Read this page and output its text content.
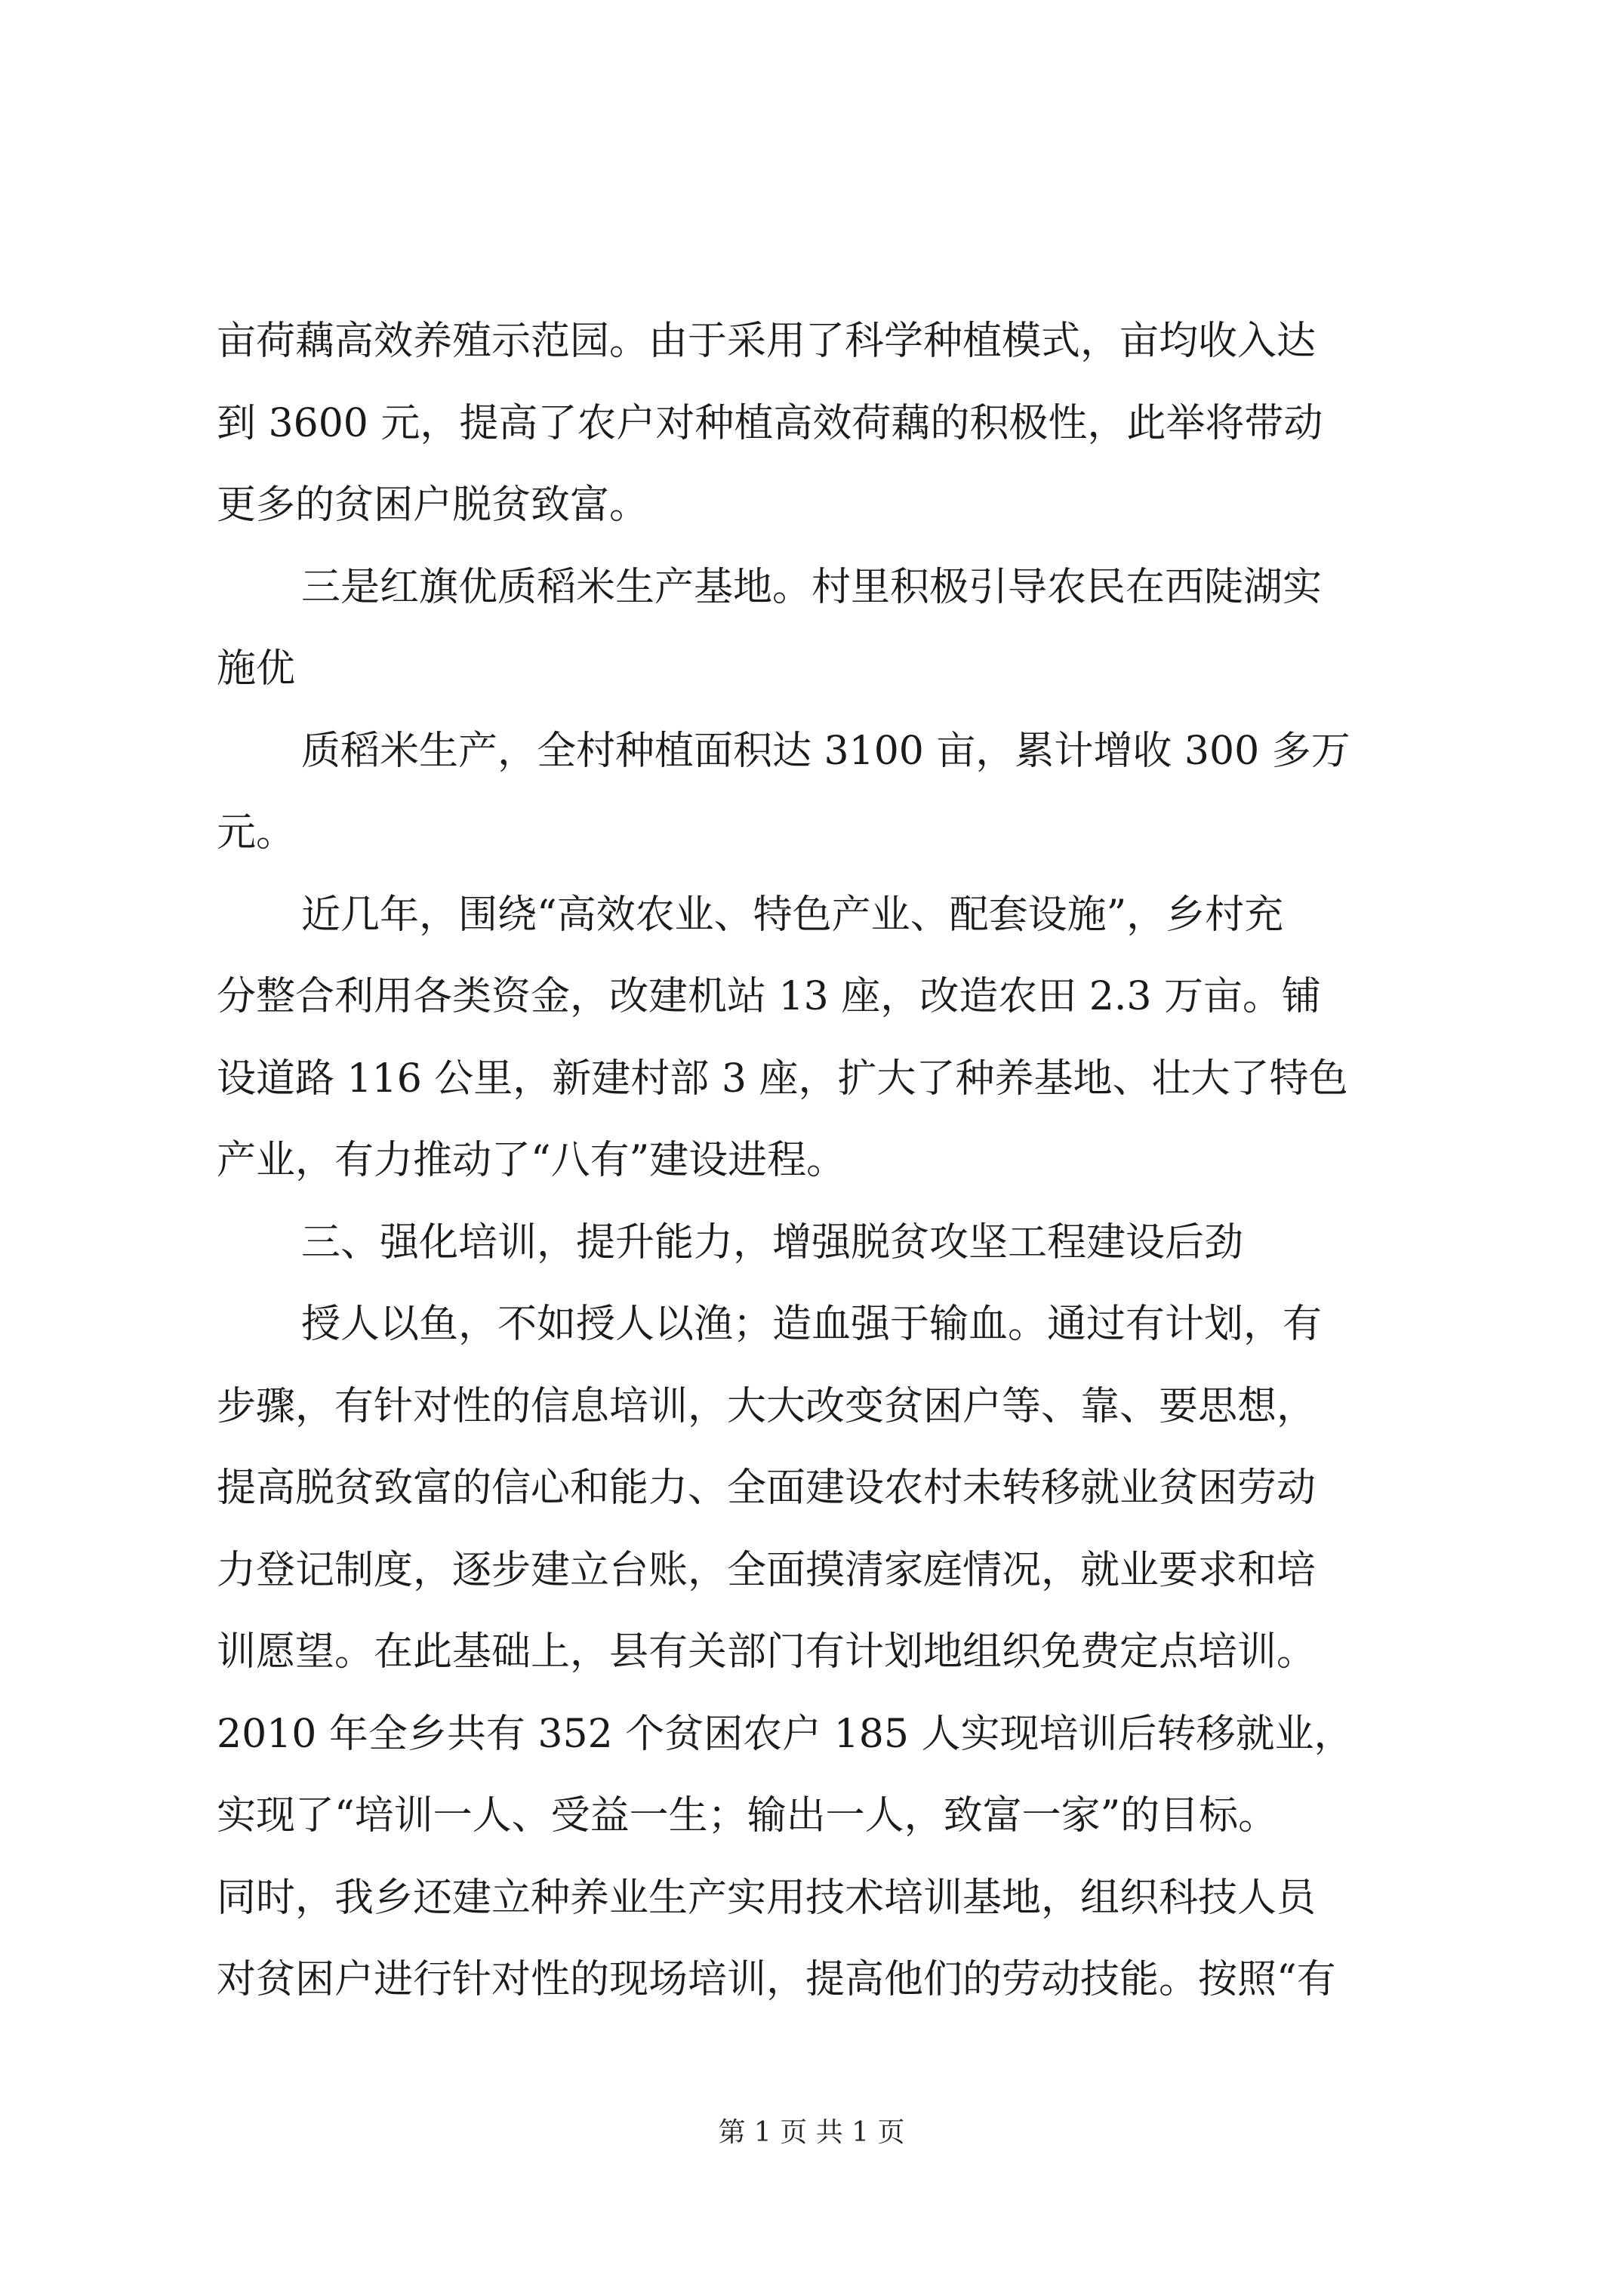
亩荷藕高效养殖示范园。由于采用了科学种植模式，亩均收入达
到 3600 元，提高了农户对种植高效荷藕的积极性，此举将带动
更多的贫困户脱贫致富。
三是红旗优质稻米生产基地。村里积极引导农民在西陡湖实
施优
质稻米生产，全村种植面积达 3100 亩，累计增收 300 多万
元。
近几年，围绕“高效农业、特色产业、配套设施”，乡村充
分整合利用各类资金，改建机站 13 座，改造农田 2.3 万亩。铺
设道路 116 公里，新建村部 3 座，扩大了种养基地、壮大了特色
产业，有力推动了“八有”建设进程。
三、强化培训，提升能力，增强脱贫攻坚工程建设后劲
授人以鱼，不如授人以渔；造血强于输血。通过有计划，有
步骤，有针对性的信息培训，大大改变贫困户等、靠、要思想，
提高脱贫致富的信心和能力、全面建设农村未转移就业贫困劳动
力登记制度，逐步建立台账，全面摸清家庭情况，就业要求和培
训愿望。在此基础上，县有关部门有计划地组织免费定点培训。
2010 年全乡共有 352 个贫困农户 185 人实现培训后转移就业，
实现了“培训一人、受益一生；输出一人，致富一家”的目标。
同时，我乡还建立种养业生产实用技术培训基地，组织科技人员
对贫困户进行针对性的现场培训，提高他们的劳动技能。按照“有
第 1 页 共 1 页
